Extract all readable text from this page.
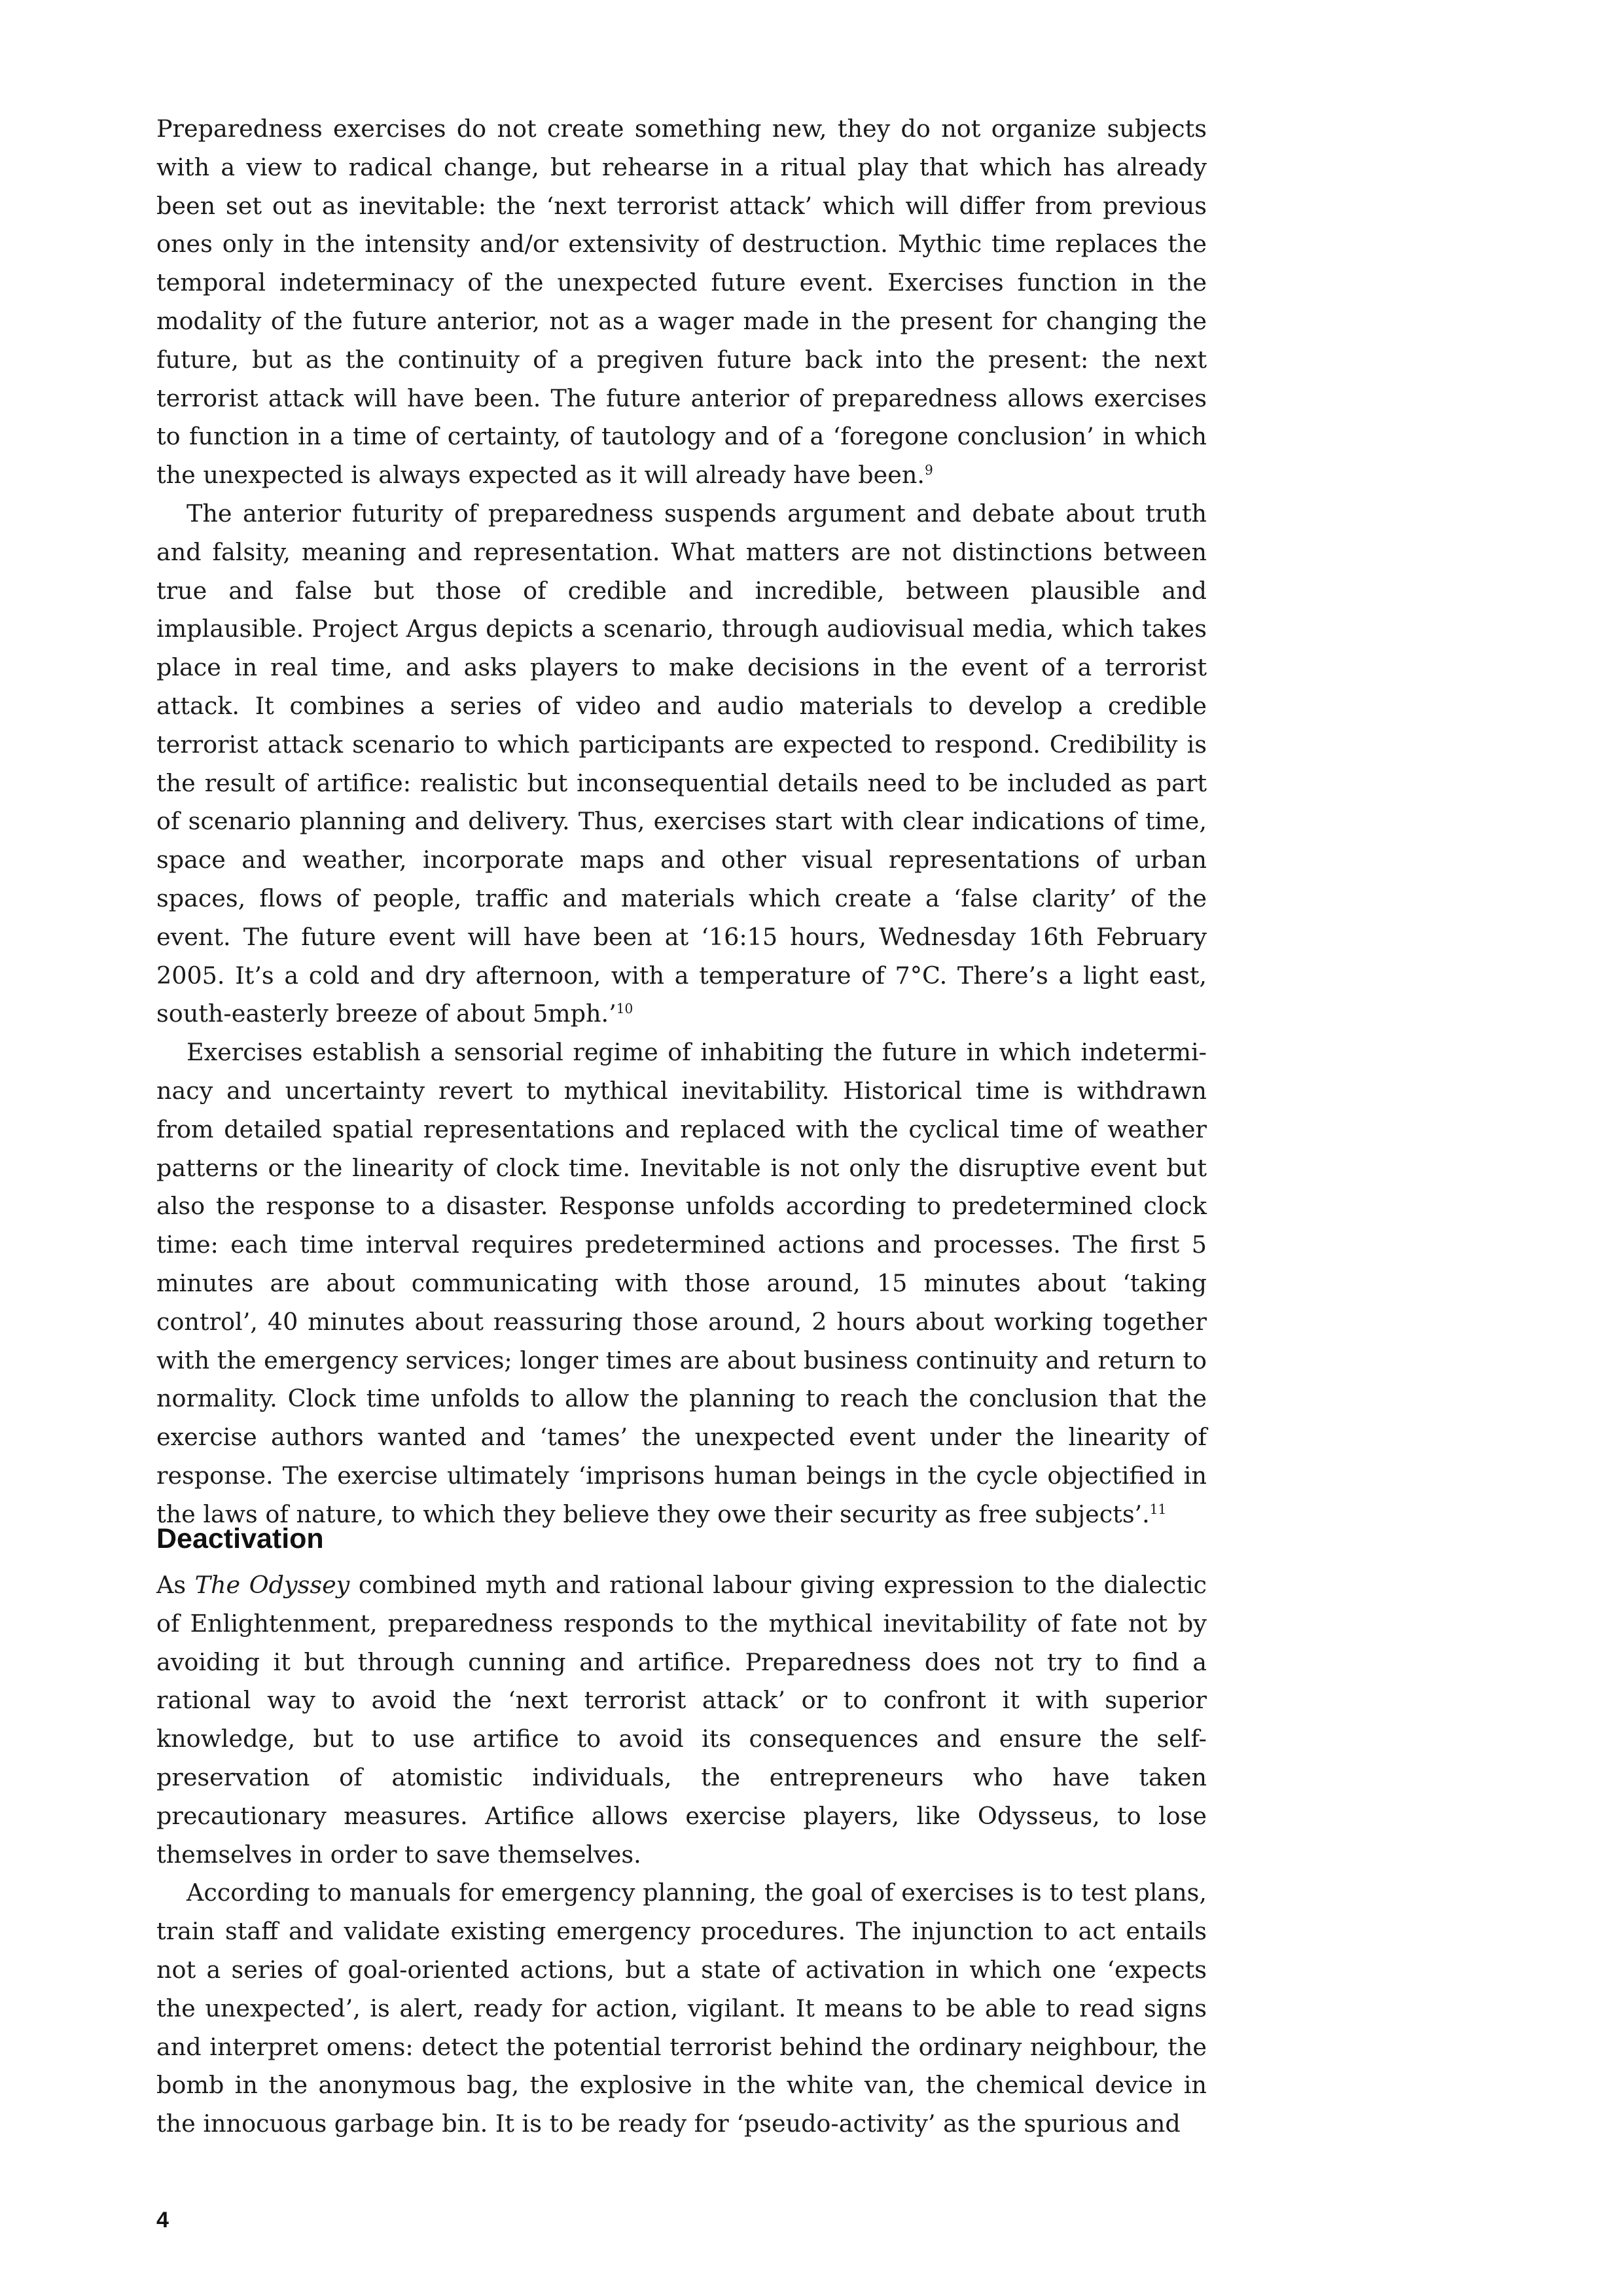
Preparedness exercises do not create something new, they do not organize subjects with a view to radical change, but rehearse in a ritual play that which has already been set out as inevitable: the ‘next terrorist attack’ which will differ from previous ones only in the intensity and/or extensivity of destruction. Mythic time replaces the temporal indeterminacy of the unexpected future event. Exercises function in the modality of the future anterior, not as a wager made in the present for changing the future, but as the continuity of a pregiven future back into the present: the next terrorist attack will have been. The future anterior of preparedness allows exercises to function in a time of certainty, of tautology and of a ‘foregone conclusion’ in which the unexpected is always expected as it will already have been.$^9$

The anterior futurity of preparedness suspends argument and debate about truth and falsity, meaning and representation. What matters are not distinctions between true and false but those of credible and incredible, between plausible and implausible. Project Argus depicts a scenario, through audiovisual media, which takes place in real time, and asks players to make decisions in the event of a terrorist attack. It combines a series of video and audio materials to develop a credible terrorist attack scenario to which participants are expected to respond. Credibility is the result of artifice: realistic but inconsequential details need to be included as part of scenario planning and delivery. Thus, exercises start with clear indications of time, space and weather, incorporate maps and other visual representations of urban spaces, flows of people, traffic and materials which create a ‘false clarity’ of the event. The future event will have been at ‘16:15 hours, Wednesday 16th February 2005. It’s a cold and dry afternoon, with a temperature of 7°C. There’s a light east, south-easterly breeze of about 5mph.’$^{10}$

Exercises establish a sensorial regime of inhabiting the future in which indeterminacy and uncertainty revert to mythical inevitability. Historical time is withdrawn from detailed spatial representations and replaced with the cyclical time of weather patterns or the linearity of clock time. Inevitable is not only the disruptive event but also the response to a disaster. Response unfolds according to predetermined clock time: each time interval requires predetermined actions and processes. The first 5 minutes are about communicating with those around, 15 minutes about ‘taking control’, 40 minutes about reassuring those around, 2 hours about working together with the emergency services; longer times are about business continuity and return to normality. Clock time unfolds to allow the planning to reach the conclusion that the exercise authors wanted and ‘tames’ the unexpected event under the linearity of response. The exercise ultimately ‘imprisons human beings in the cycle objectified in the laws of nature, to which they believe they owe their security as free subjects’.$^{11}$

Deactivation

As The Odyssey combined myth and rational labour giving expression to the dialectic of Enlightenment, preparedness responds to the mythical inevitability of fate not by avoiding it but through cunning and artifice. Preparedness does not try to find a rational way to avoid the ‘next terrorist attack’ or to confront it with superior knowledge, but to use artifice to avoid its consequences and ensure the self-preservation of atomistic individuals, the entrepreneurs who have taken precautionary measures. Artifice allows exercise players, like Odysseus, to lose themselves in order to save themselves.

According to manuals for emergency planning, the goal of exercises is to test plans, train staff and validate existing emergency procedures. The injunction to act entails not a series of goal-oriented actions, but a state of activation in which one ‘expects the unexpected’, is alert, ready for action, vigilant. It means to be able to read signs and interpret omens: detect the potential terrorist behind the ordinary neighbour, the bomb in the anonymous bag, the explosive in the white van, the chemical device in the innocuous garbage bin. It is to be ready for ‘pseudo-activity’ as the spurious and

4
